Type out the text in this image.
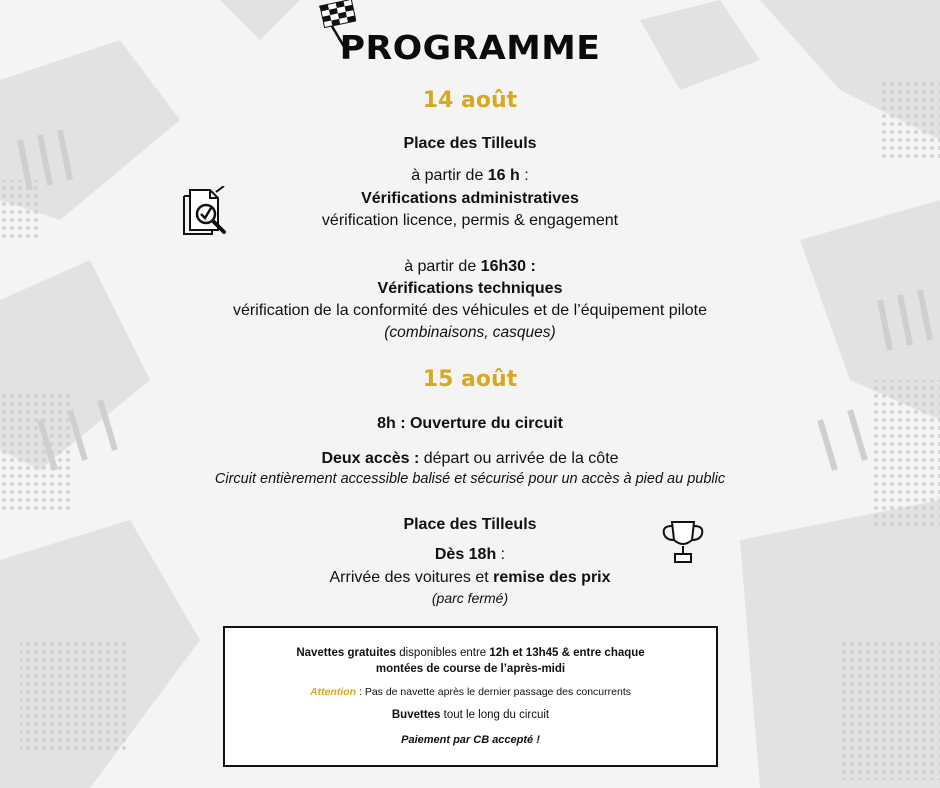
PROGRAMME
14 août
Place des Tilleuls
à partir de 16 h :
Vérifications administratives
vérification licence, permis & engagement
à partir de 16h30 :
Vérifications techniques
vérification de la conformité des véhicules et de l’équipement pilote
(combinaisons, casques)
15 août
8h : Ouverture du circuit
Deux accès : départ ou arrivée de la côte
Circuit entièrement accessible balisé et sécurisé pour un accès à pied au public
Place des Tilleuls
Dès 18h :
Arrivée des voitures et remise des prix
(parc fermé)
Navettes gratuites disponibles entre 12h et 13h45 & entre chaque
montées de course de l’après-midi
Attention : Pas de navette après le dernier passage des concurrents
Buvettes tout le long du circuit
Paiement par CB accepté !
